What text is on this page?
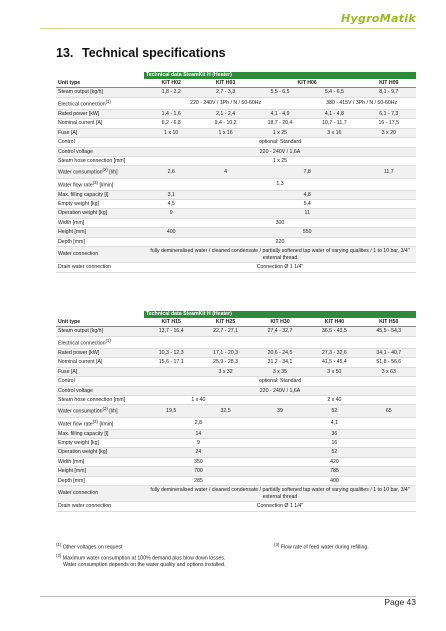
HygroMatik
13. Technical specifications
	Technical data SteamKit H (Heater)				
Unit type	KIT H02	KIT H03	KIT H06		KIT H09
Steam output [kg/h]	1,8 - 2,2	2,7 - 3,3	5,5 - 6,5	5,4 - 6,5	8,1 - 9,7
Electrical connection$^{(1)}$	220 - 240V / 1Ph / N / 50-60Hz			380 - 415V / 3Ph / N / 50-60Hz	
Rated power [kW]	1,4 - 1,6	2,1 - 2,4	4,1 - 4,9	4,1 - 4,8	6,1 - 7,3
Nominal current [A]	6,2 - 6,8	9,4 - 10,2	18,7 - 20,4	10,7 - 11,7	16 - 17,5
Fuse [A]	1 x 10	1 x 16	1 x 25	3 x 16	3 x 20
Control	optional: Standard				
Control voltage	220 - 240V / 1,6A				
Steam hose connection [mm]	1 x 25				
Water consumption$^{(2)}$ [l/h]	2,6	4	7,8		11,7
Water flow rate$^{(3)}$ [l/min]	1,3				
Max. filling capacity [l]	3,1	4,8			
Empty weight [kg]	4,5	5,4			
Operation weight [kg]	9	11			
Width [mm]	300				
Height [mm]	400	550			
Depth [mm]	220				
Water connection	fully demineralised water / cleaned condensate / partially softened tap water of varying qualities / 1 to 10 bar, 3/4" external thread				
Drain water connection	Connection Ø 1 1/4"				
	Technical data SteamKit H (Heater)				
Unit type	KIT H15	KIT H25	KIT H30	KIT H40	KIT H50
Steam output [kg/h]	13,7 - 16,4	22,7 - 27,1	27,4 - 32,7	36,5 - 43,5	45,5 - 54,3
Electrical connection$^{(1)}$	
Rated power [kW]	10,3 - 12,3	17,1 - 20,3	20,6 - 24,5	27,3 - 32,6	34,1 - 40,7
Nominal current [A]	15,6 - 17,1	25,9 - 28,3	31,2 - 34,1	41,5 - 45,4	51,8 - 56,6
Fuse [A]		3 x 32	3 x 35	3 x 50	3 x 63
Control	optional: Standard				
Control voltage	220 - 240V / 1,6A				
Steam hose connection [mm]	1 x 40		2 x 40		
Water consumption$^{(2)}$ [l/h]	19,5	32,5	39	52	65
Water flow rate$^{(3)}$ [l/min]	2,8		4,1		
Max. filling capacity [l]	14		36		
Empty weight [kg]	9		16		
Operation weight [kg]	24		52		
Width [mm]	350		420		
Height [mm]	700		785		
Depth [mm]	285		400		
Water connection	fully demineralised water / cleaned condensate / partially softened tap water of varying qualities / 1 to 10 bar, 3/4" external thread				
Drain water connection	Connection Ø 1 1/4"				
$^{(1)}$ Other voltages on request
$^{(2)}$ Maximum water consumption at 100% demand plus blow down losses.
Water consumption depends on the water quality and options installed.
$^{(3)}$ Flow rate of feed water during refilling.
Page 43
